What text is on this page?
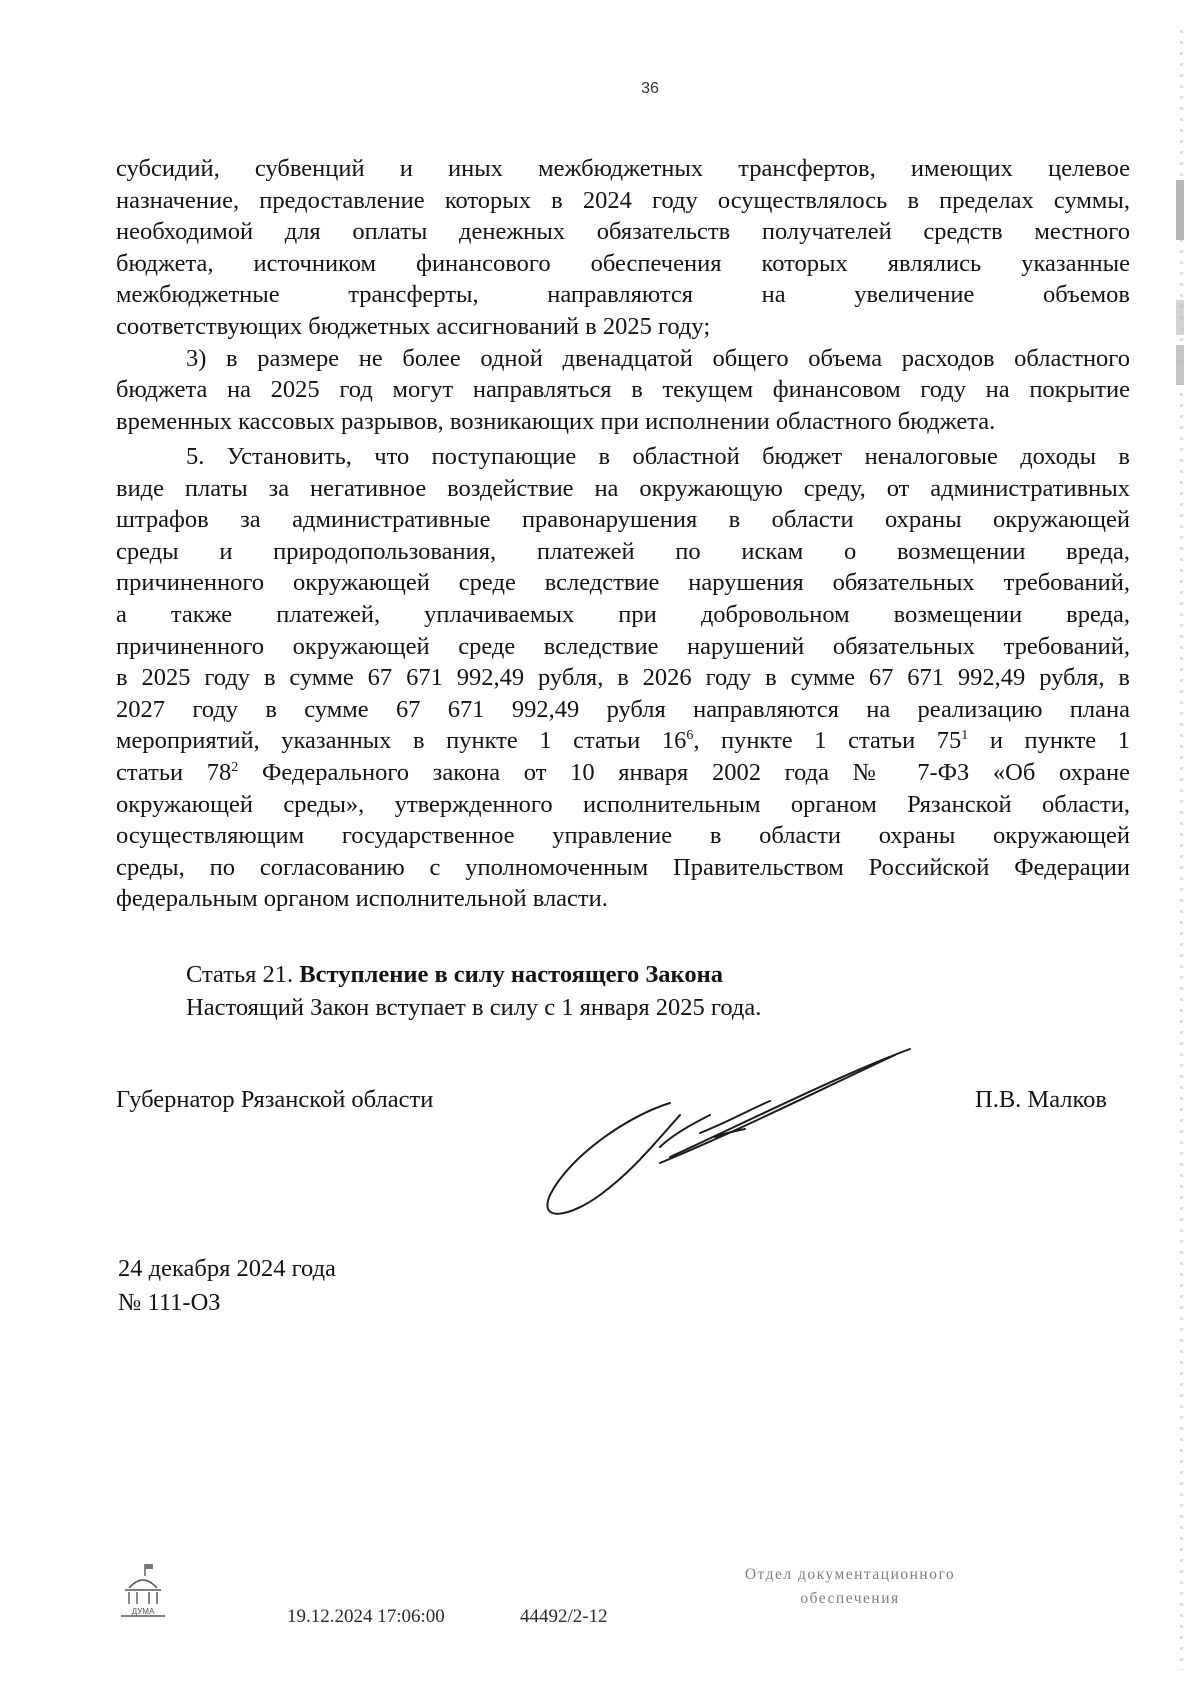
36

субсидий, субвенций и иных межбюджетных трансфертов, имеющих целевое

назначение, предоставление которых в 2024 году осуществлялось в пределах суммы,

необходимой для оплаты денежных обязательств получателей средств местного

бюджета, источником финансового обеспечения которых являлись указанные

межбюджетные трансферты, направляются на увеличение объемов

соответствующих бюджетных ассигнований в 2025 году;

3) в размере не более одной двенадцатой общего объема расходов областного

бюджета на 2025 год могут направляться в текущем финансовом году на покрытие

временных кассовых разрывов, возникающих при исполнении областного бюджета.

5. Установить, что поступающие в областной бюджет неналоговые доходы в

виде платы за негативное воздействие на окружающую среду, от административных

штрафов за административные правонарушения в области охраны окружающей

среды и природопользования, платежей по искам о возмещении вреда,

причиненного окружающей среде вследствие нарушения обязательных требований,

а также платежей, уплачиваемых при добровольном возмещении вреда,

причиненного окружающей среде вследствие нарушений обязательных требований,

в 2025 году в сумме 67 671 992,49 рубля, в 2026 году в сумме 67 671 992,49 рубля, в

2027 году в сумме 67 671 992,49 рубля направляются на реализацию плана

мероприятий, указанных в пункте 1 статьи $16^6$, пункте 1 статьи $75^1$ и пункте 1

статьи $78^2$ Федерального закона от 10 января 2002 года № 7-ФЗ «Об охране

окружающей среды», утвержденного исполнительным органом Рязанской области,

осуществляющим государственное управление в области охраны окружающей

среды, по согласованию с уполномоченным Правительством Российской Федерации

федеральным органом исполнительной власти.

Статья 21. Вступление в силу настоящего Закона
Настоящий Закон вступает в силу с 1 января 2025 года.
Губернатор Рязанской области	П.В. Малков
24 декабря 2024 года
№ 111-ОЗ
ДУМА	19.12.2024 17:06:00	44492/2-12
Отдел документационного
обеспечения
